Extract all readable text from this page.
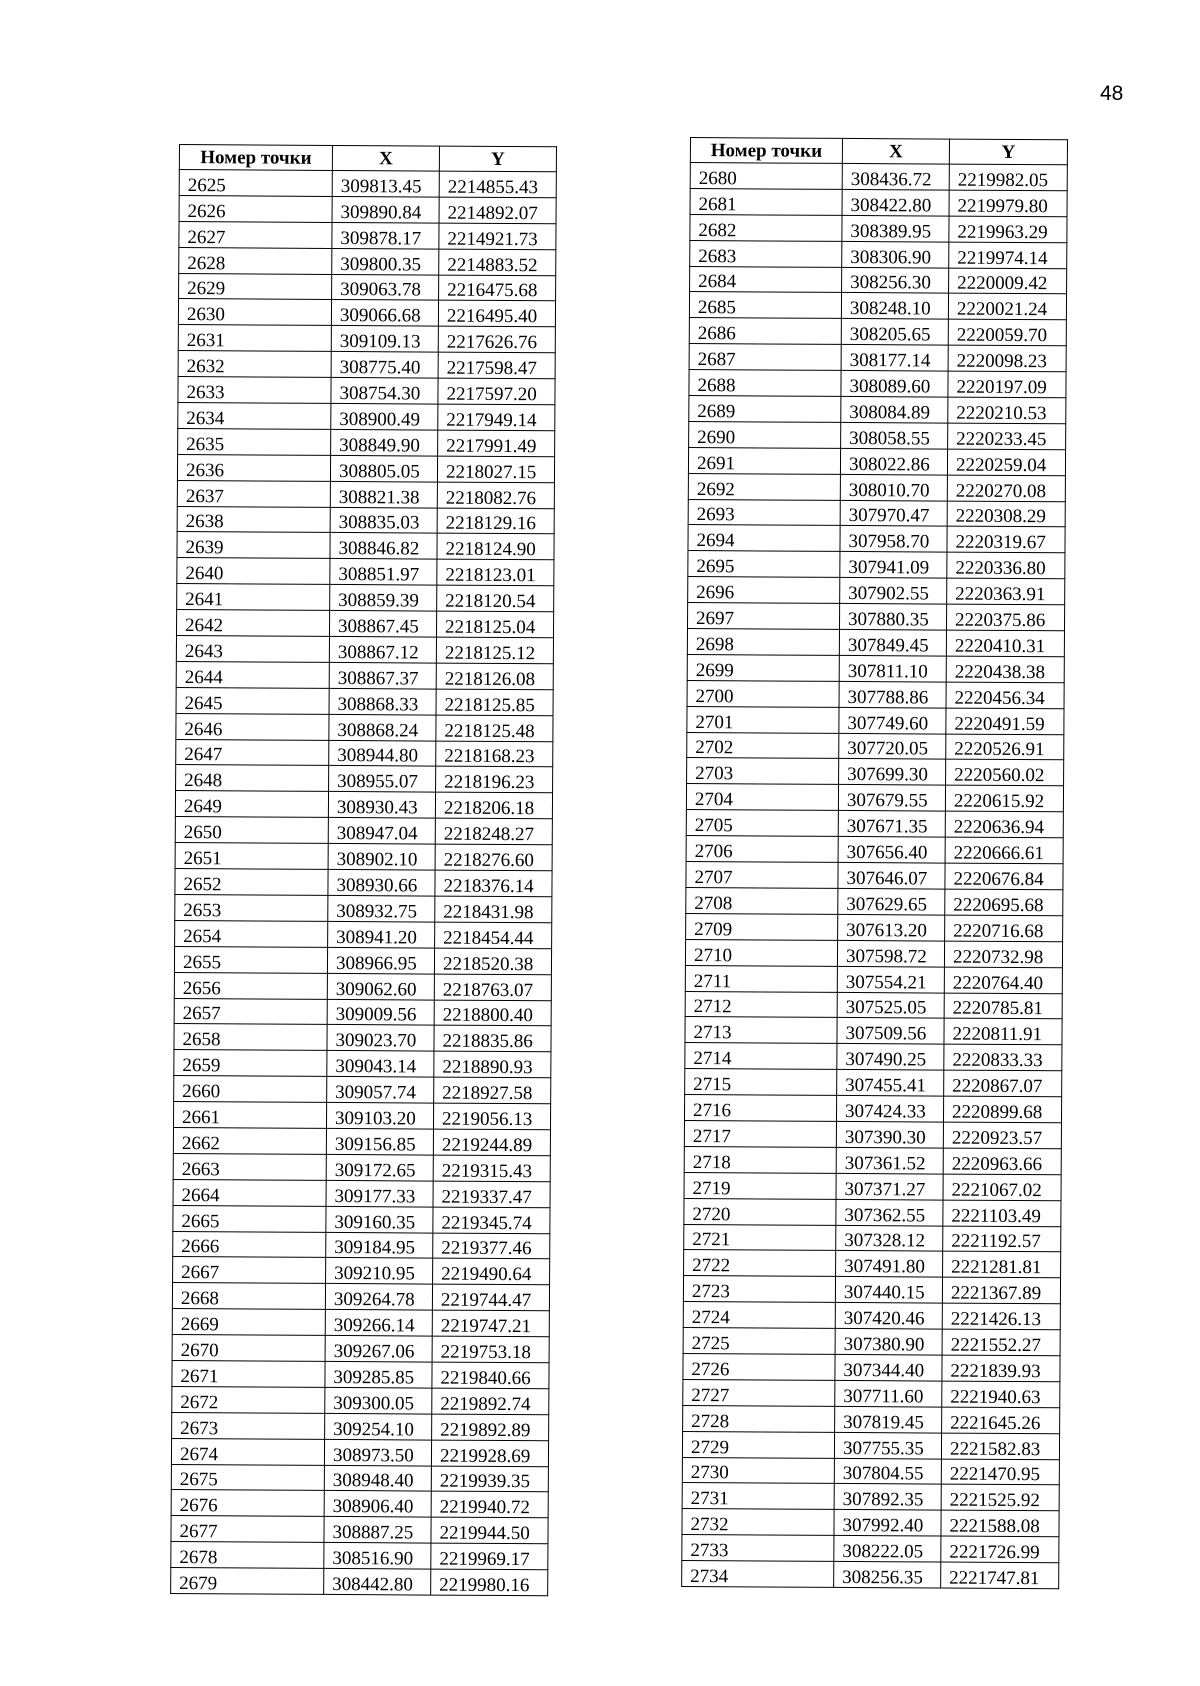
48
Номер точки	X	Y
2625	309813.45	2214855.43
2626	309890.84	2214892.07
2627	309878.17	2214921.73
2628	309800.35	2214883.52
2629	309063.78	2216475.68
2630	309066.68	2216495.40
2631	309109.13	2217626.76
2632	308775.40	2217598.47
2633	308754.30	2217597.20
2634	308900.49	2217949.14
2635	308849.90	2217991.49
2636	308805.05	2218027.15
2637	308821.38	2218082.76
2638	308835.03	2218129.16
2639	308846.82	2218124.90
2640	308851.97	2218123.01
2641	308859.39	2218120.54
2642	308867.45	2218125.04
2643	308867.12	2218125.12
2644	308867.37	2218126.08
2645	308868.33	2218125.85
2646	308868.24	2218125.48
2647	308944.80	2218168.23
2648	308955.07	2218196.23
2649	308930.43	2218206.18
2650	308947.04	2218248.27
2651	308902.10	2218276.60
2652	308930.66	2218376.14
2653	308932.75	2218431.98
2654	308941.20	2218454.44
2655	308966.95	2218520.38
2656	309062.60	2218763.07
2657	309009.56	2218800.40
2658	309023.70	2218835.86
2659	309043.14	2218890.93
2660	309057.74	2218927.58
2661	309103.20	2219056.13
2662	309156.85	2219244.89
2663	309172.65	2219315.43
2664	309177.33	2219337.47
2665	309160.35	2219345.74
2666	309184.95	2219377.46
2667	309210.95	2219490.64
2668	309264.78	2219744.47
2669	309266.14	2219747.21
2670	309267.06	2219753.18
2671	309285.85	2219840.66
2672	309300.05	2219892.74
2673	309254.10	2219892.89
2674	308973.50	2219928.69
2675	308948.40	2219939.35
2676	308906.40	2219940.72
2677	308887.25	2219944.50
2678	308516.90	2219969.17
2679	308442.80	2219980.16
Номер точки	X	Y
2680	308436.72	2219982.05
2681	308422.80	2219979.80
2682	308389.95	2219963.29
2683	308306.90	2219974.14
2684	308256.30	2220009.42
2685	308248.10	2220021.24
2686	308205.65	2220059.70
2687	308177.14	2220098.23
2688	308089.60	2220197.09
2689	308084.89	2220210.53
2690	308058.55	2220233.45
2691	308022.86	2220259.04
2692	308010.70	2220270.08
2693	307970.47	2220308.29
2694	307958.70	2220319.67
2695	307941.09	2220336.80
2696	307902.55	2220363.91
2697	307880.35	2220375.86
2698	307849.45	2220410.31
2699	307811.10	2220438.38
2700	307788.86	2220456.34
2701	307749.60	2220491.59
2702	307720.05	2220526.91
2703	307699.30	2220560.02
2704	307679.55	2220615.92
2705	307671.35	2220636.94
2706	307656.40	2220666.61
2707	307646.07	2220676.84
2708	307629.65	2220695.68
2709	307613.20	2220716.68
2710	307598.72	2220732.98
2711	307554.21	2220764.40
2712	307525.05	2220785.81
2713	307509.56	2220811.91
2714	307490.25	2220833.33
2715	307455.41	2220867.07
2716	307424.33	2220899.68
2717	307390.30	2220923.57
2718	307361.52	2220963.66
2719	307371.27	2221067.02
2720	307362.55	2221103.49
2721	307328.12	2221192.57
2722	307491.80	2221281.81
2723	307440.15	2221367.89
2724	307420.46	2221426.13
2725	307380.90	2221552.27
2726	307344.40	2221839.93
2727	307711.60	2221940.63
2728	307819.45	2221645.26
2729	307755.35	2221582.83
2730	307804.55	2221470.95
2731	307892.35	2221525.92
2732	307992.40	2221588.08
2733	308222.05	2221726.99
2734	308256.35	2221747.81
